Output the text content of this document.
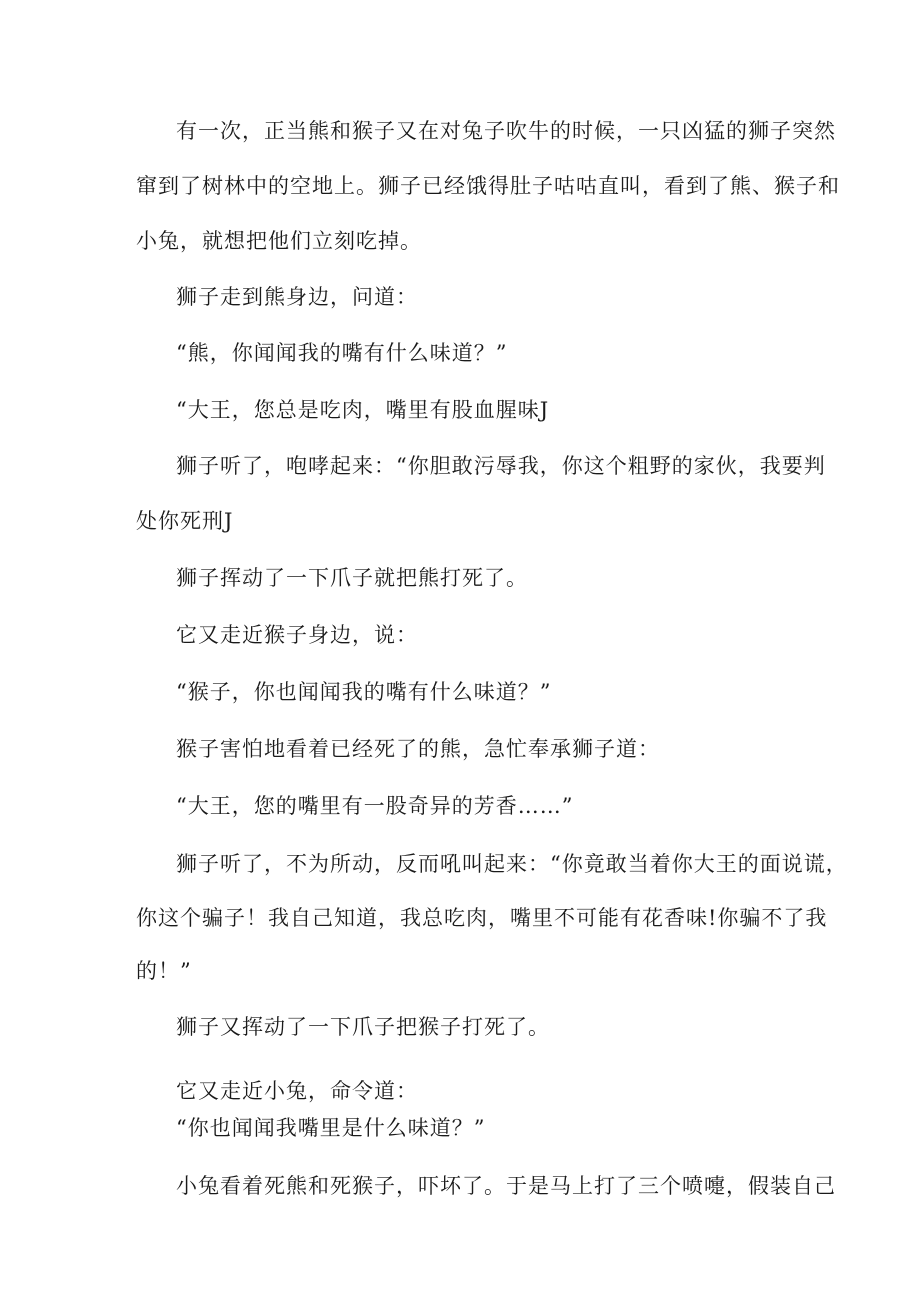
有一次，正当熊和猴子又在对兔子吹牛的时候，一只凶猛的狮子突然
窜到了树林中的空地上。狮子已经饿得肚子咕咕直叫，看到了熊、猴子和
小兔，就想把他们立刻吃掉。
狮子走到熊身边，问道：
“熊，你闻闻我的嘴有什么味道？”
“大王，您总是吃肉，嘴里有股血腥味J
狮子听了，咆哮起来：“你胆敢污辱我，你这个粗野的家伙，我要判
处你死刑J
狮子挥动了一下爪子就把熊打死了。
它又走近猴子身边，说：
“猴子，你也闻闻我的嘴有什么味道？”
猴子害怕地看着已经死了的熊，急忙奉承狮子道：
“大王，您的嘴里有一股奇异的芳香……”
狮子听了，不为所动，反而吼叫起来：“你竟敢当着你大王的面说谎，
你这个骗子！我自己知道，我总吃肉，嘴里不可能有花香味!你骗不了我
的！”
狮子又挥动了一下爪子把猴子打死了。
它又走近小兔，命令道：
“你也闻闻我嘴里是什么味道？”
小兔看着死熊和死猴子，吓坏了。于是马上打了三个喷嚏，假装自己
